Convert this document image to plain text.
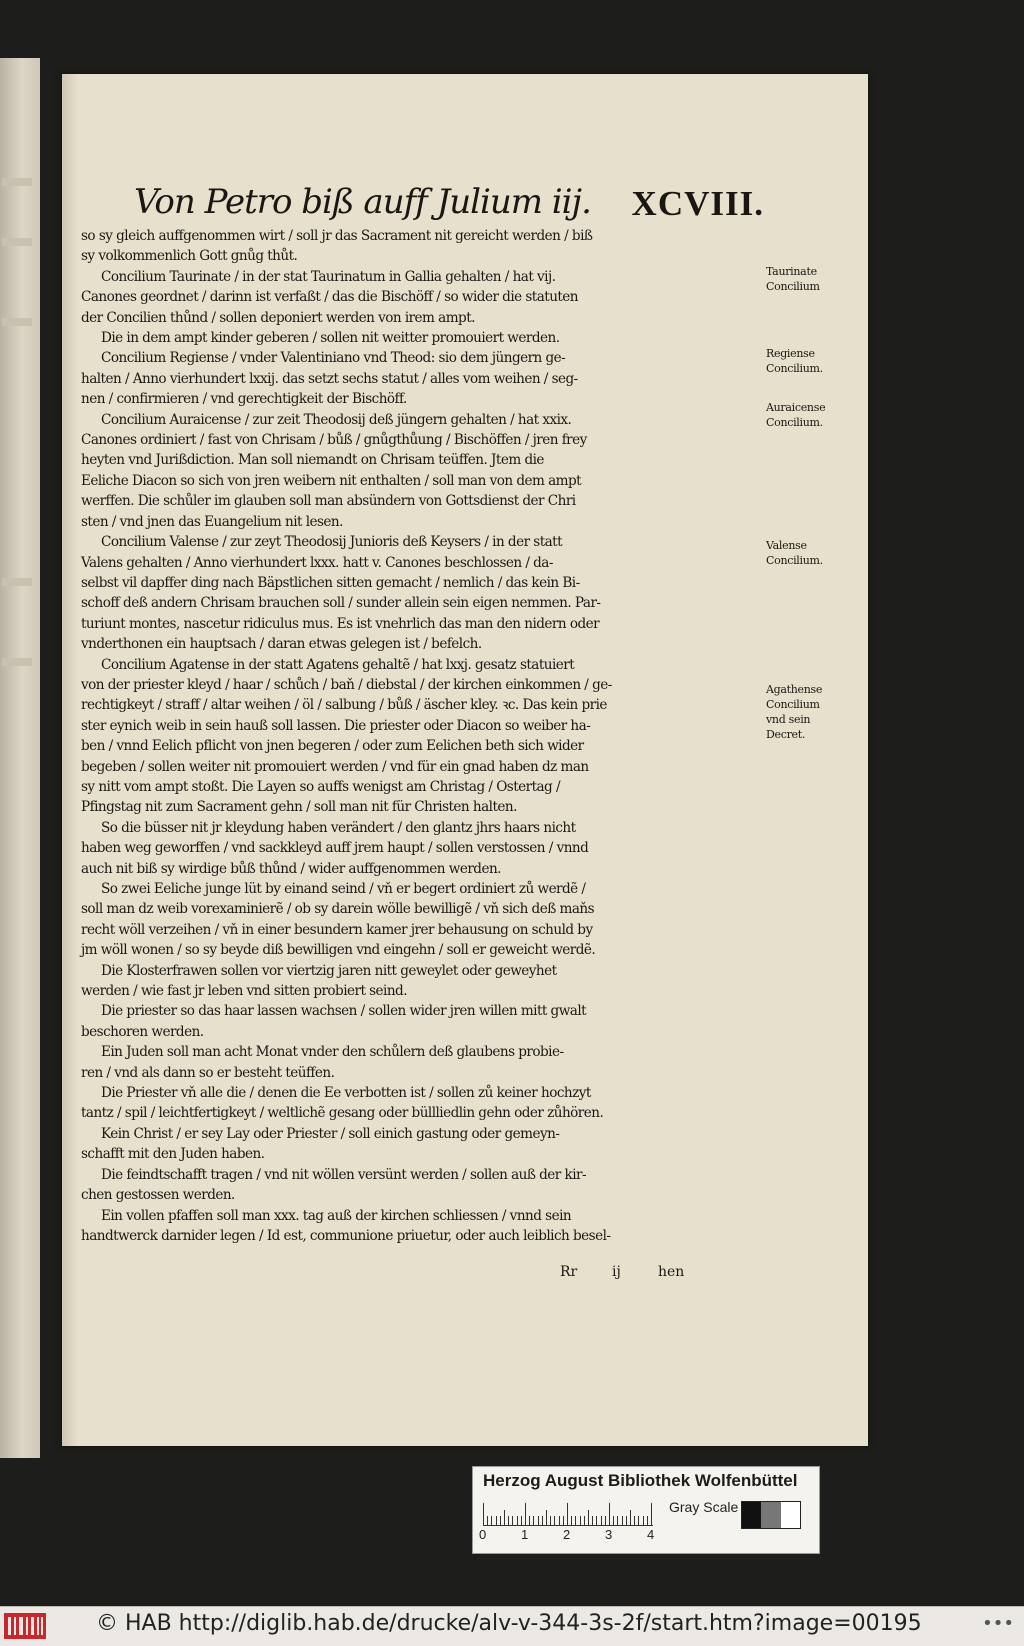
Von Petro biß auff Julium iij. XCVIII.

so sy gleich auffgenommen wirt / soll jr das Sacrament nit gereicht werden / biß

sy volkommenlich Gott gnůg thůt.

Concilium Taurinate / in der stat Taurinatum in Gallia gehalten / hat vij.

Canones geordnet / darinn ist verfaßt / das die Bischöff / so wider die statuten

der Concilien thůnd / sollen deponiert werden von irem ampt.

Die in dem ampt kinder geberen / sollen nit weitter promouiert werden.

Concilium Regiense / vnder Valentiniano vnd Theod: sio dem jüngern ge-

halten / Anno vierhundert lxxij. das setzt sechs statut / alles vom weihen / seg-

nen / confirmieren / vnd gerechtigkeit der Bischöff.

Concilium Auraicense / zur zeit Theodosij deß jüngern gehalten / hat xxix.

Canones ordiniert / fast von Chrisam / bůß / gnůgthůung / Bischöffen / jren frey

heyten vnd Jurißdiction. Man soll niemandt on Chrisam teüffen. Jtem die

Eeliche Diacon so sich von jren weibern nit enthalten / soll man von dem ampt

werffen. Die schůler im glauben soll man absündern von Gottsdienst der Chri

sten / vnd jnen das Euangelium nit lesen.

Concilium Valense / zur zeyt Theodosij Junioris deß Keysers / in der statt

Valens gehalten / Anno vierhundert lxxx. hatt v. Canones beschlossen / da-

selbst vil dapffer ding nach Bäpstlichen sitten gemacht / nemlich / das kein Bi-

schoff deß andern Chrisam brauchen soll / sunder allein sein eigen nemmen. Par-

turiunt montes, nascetur ridiculus mus. Es ist vnehrlich das man den nidern oder

vnderthonen ein hauptsach / daran etwas gelegen ist / befelch.

Concilium Agatense in der statt Agatens gehaltẽ / hat lxxj. gesatz statuiert

von der priester kleyd / haar / schůch / baň / diebstal / der kirchen einkommen / ge-

rechtigkeyt / straff / altar weihen / öl / salbung / bůß / äscher kley. ꝛc. Das kein prie

ster eynich weib in sein hauß soll lassen. Die priester oder Diacon so weiber ha-

ben / vnnd Eelich pflicht von jnen begeren / oder zum Eelichen beth sich wider

begeben / sollen weiter nit promouiert werden / vnd für ein gnad haben dz man

sy nitt vom ampt stoßt. Die Layen so auffs wenigst am Christag / Ostertag /

Pfingstag nit zum Sacrament gehn / soll man nit für Christen halten.

So die büsser nit jr kleydung haben verändert / den glantz jhrs haars nicht

haben weg geworffen / vnd sackkleyd auff jrem haupt / sollen verstossen / vnnd

auch nit biß sy wirdige bůß thůnd / wider auffgenommen werden.

So zwei Eeliche junge lüt by einand seind / vň er begert ordiniert zů werdẽ /

soll man dz weib vorexaminierẽ / ob sy darein wölle bewilligẽ / vň sich deß maňs

recht wöll verzeihen / vň in einer besundern kamer jrer behausung on schuld by

jm wöll wonen / so sy beyde diß bewilligen vnd eingehn / soll er geweicht werdẽ.

Die Klosterfrawen sollen vor viertzig jaren nitt geweylet oder geweyhet

werden / wie fast jr leben vnd sitten probiert seind.

Die priester so das haar lassen wachsen / sollen wider jren willen mitt gwalt

beschoren werden.

Ein Juden soll man acht Monat vnder den schůlern deß glaubens probie-

ren / vnd als dann so er besteht teüffen.

Die Priester vň alle die / denen die Ee verbotten ist / sollen zů keiner hochzyt

tantz / spil / leichtfertigkeyt / weltlichẽ gesang oder büllliedlin gehn oder zůhören.

Kein Christ / er sey Lay oder Priester / soll einich gastung oder gemeyn-

schafft mit den Juden haben.

Die feindtschafft tragen / vnd nit wöllen versünt werden / sollen auß der kir-

chen gestossen werden.

Ein vollen pfaffen soll man xxx. tag auß der kirchen schliessen / vnnd sein

handtwerck darnider legen / Id est, communione priuetur, oder auch leiblich besel-

Taurinate
Concilium
Regiense
Concilium.
Auraicense
Concilium.
Valense
Concilium.
Agathense
Concilium
vnd sein
Decret.
Rr ij	hen
Herzog August Bibliothek Wolfenbüttel
0	1	2	3	4
Gray Scale
© HAB http://diglib.hab.de/drucke/alv-v-344-3s-2f/start.htm?image=00195	•••
